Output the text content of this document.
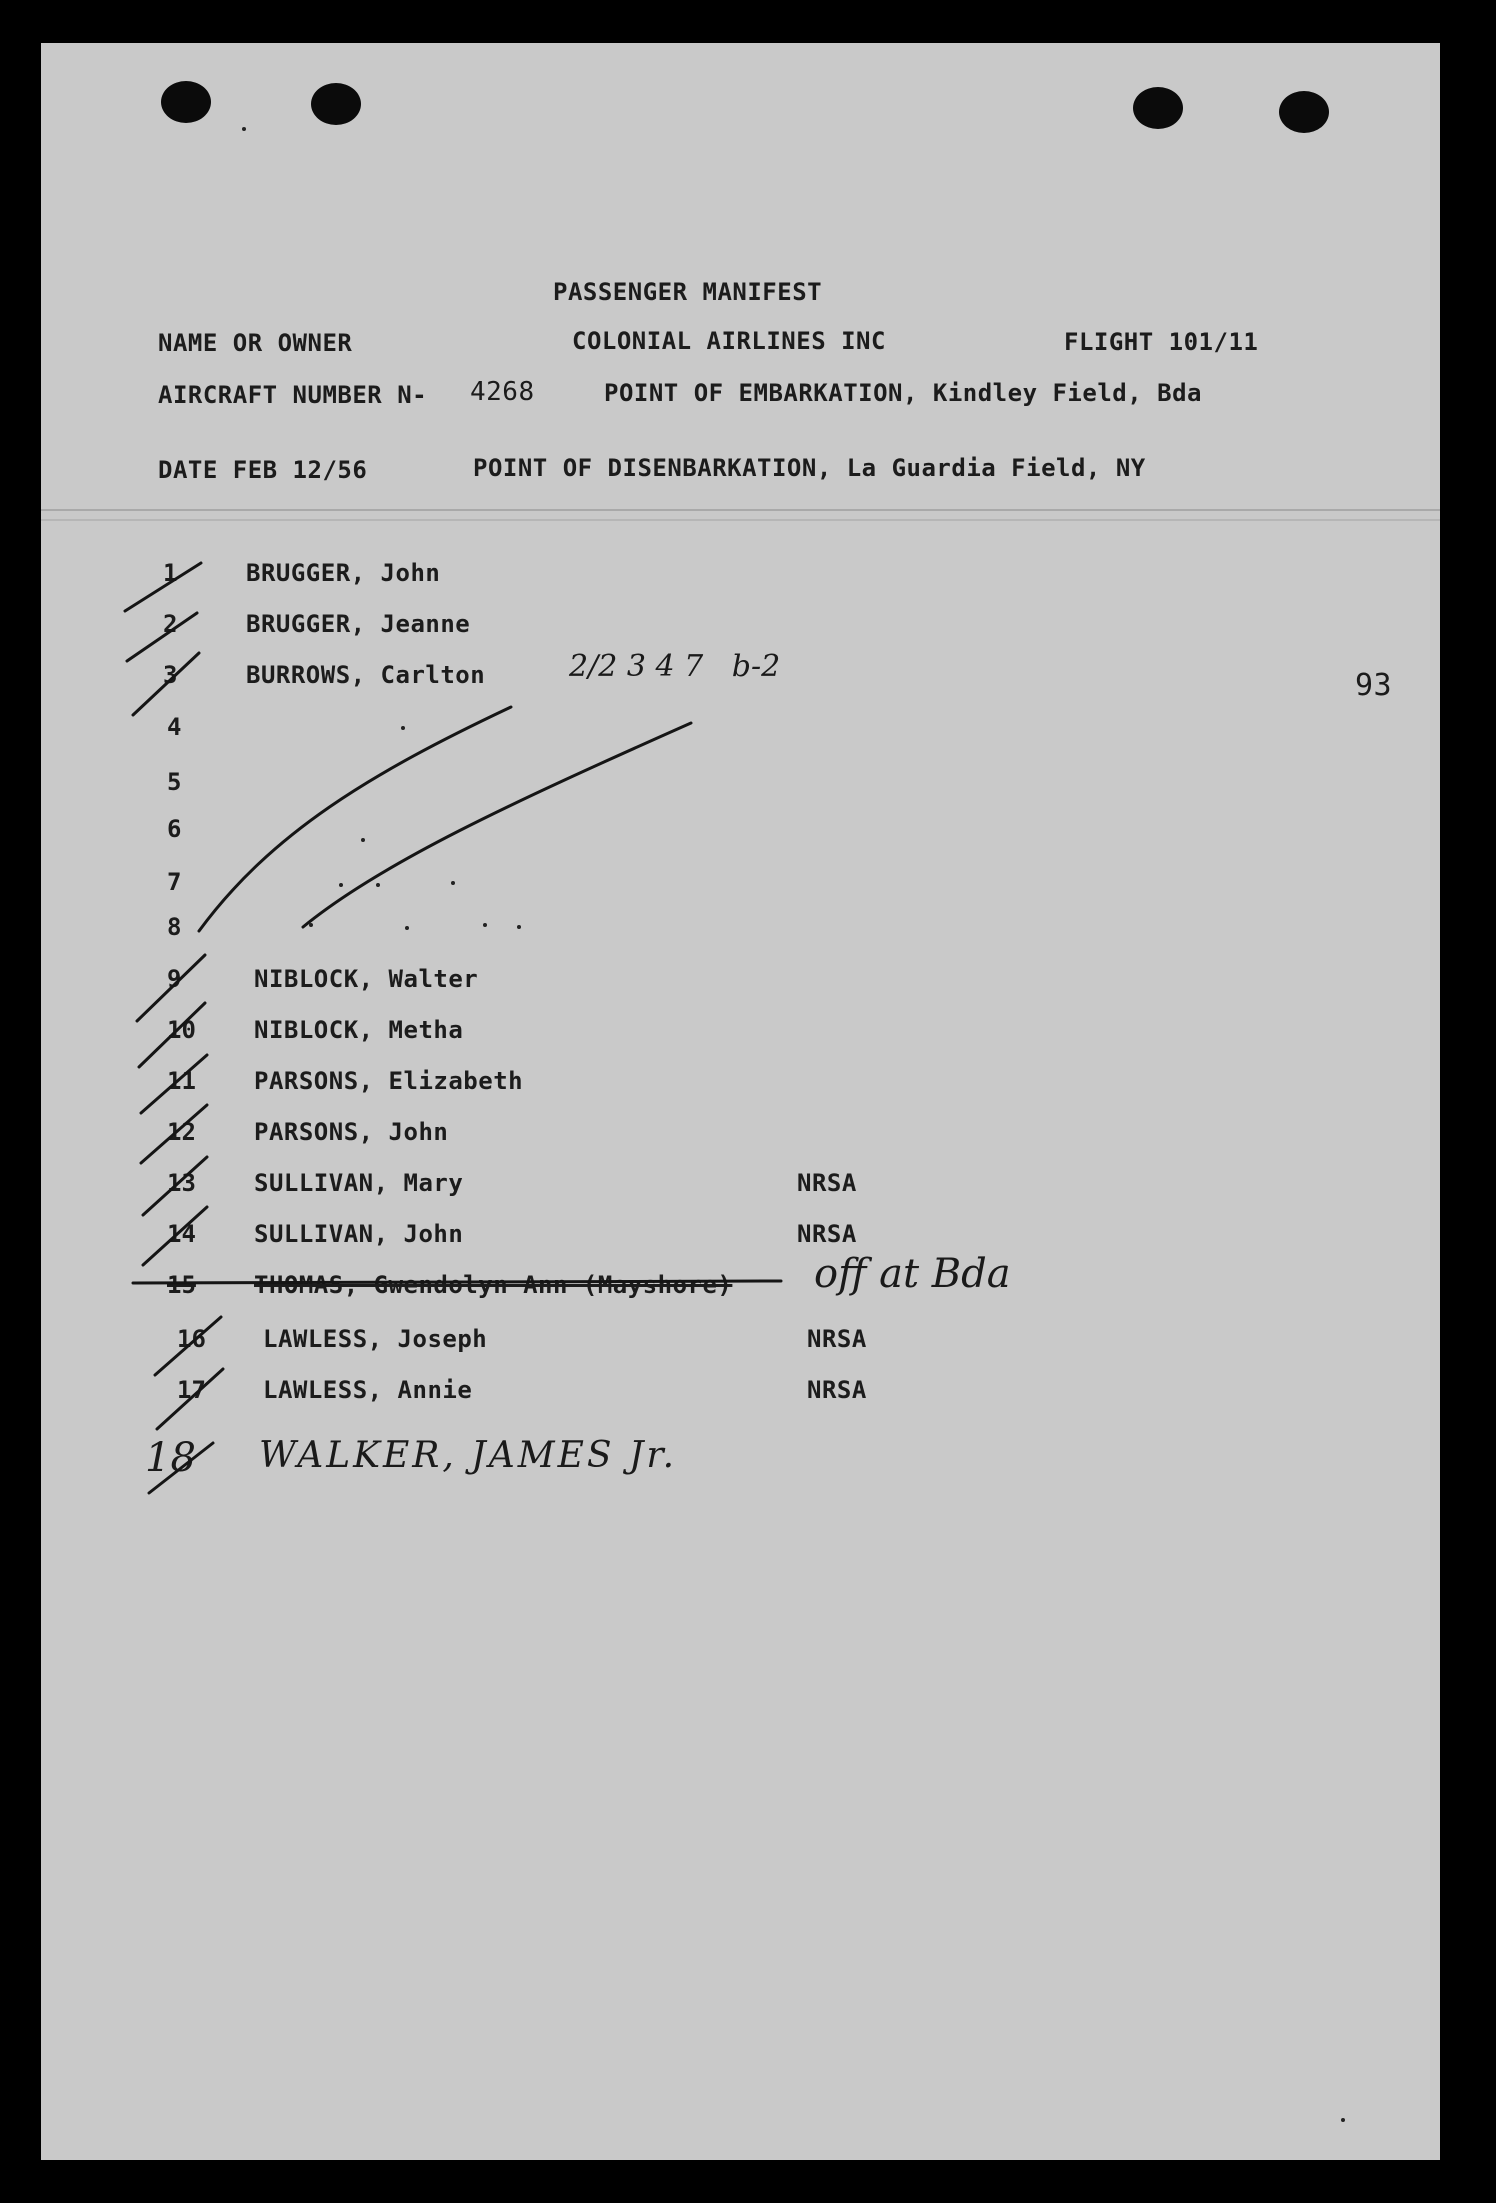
PASSENGER MANIFEST
NAME OR OWNER	COLONIAL AIRLINES INC	FLIGHT 101/11
AIRCRAFT NUMBER N- 4268	POINT OF EMBARKATION, Kindley Field, Bda
DATE FEB 12/56	POINT OF DISENBARKATION, La Guardia Field, NY
93
1	BRUGGER, John
2	BRUGGER, Jeanne
3	BURROWS, Carlton	2/2 3 4 7   b-2
4
5
6
7
8
9	NIBLOCK, Walter
10 NIBLOCK, Metha
11 PARSONS, Elizabeth
12 PARSONS, John
13 SULLIVAN, Mary	NRSA
14 SULLIVAN, John	NRSA
15 THOMAS, Gwendolyn Ann (Mayshore) off at Bda
16 LAWLESS, Joseph	NRSA
17 LAWLESS, Annie	NRSA
18 WALKER, JAMES Jr.
